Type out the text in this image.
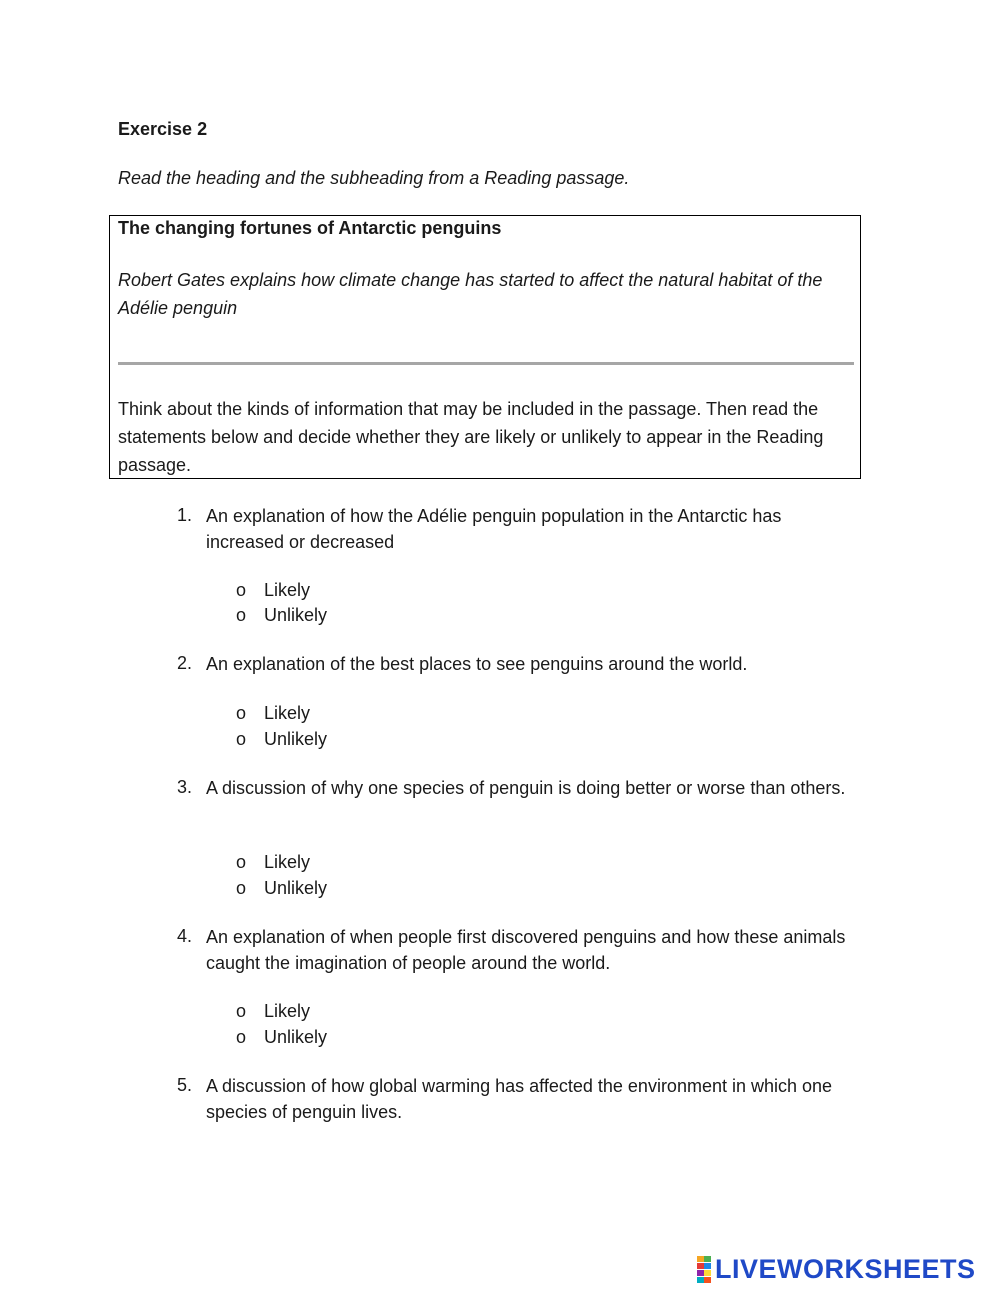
Exercise 2
Read the heading and the subheading from a Reading passage.
The changing fortunes of Antarctic penguins
Robert Gates explains how climate change has started to affect the natural habitat of the Adélie penguin
Think about the kinds of information that may be included in the passage. Then read the statements below and decide whether they are likely or unlikely to appear in the Reading passage.
1. An explanation of how the Adélie penguin population in the Antarctic has increased or decreased
o Likely
o Unlikely
2. An explanation of the best places to see penguins around the world.
o Likely
o Unlikely
3. A discussion of why one species of penguin is doing better or worse than others.
o Likely
o Unlikely
4. An explanation of when people first discovered penguins and how these animals caught the imagination of people around the world.
o Likely
o Unlikely
5. A discussion of how global warming has affected the environment in which one species of penguin lives.
LIVEWORKSHEETS
